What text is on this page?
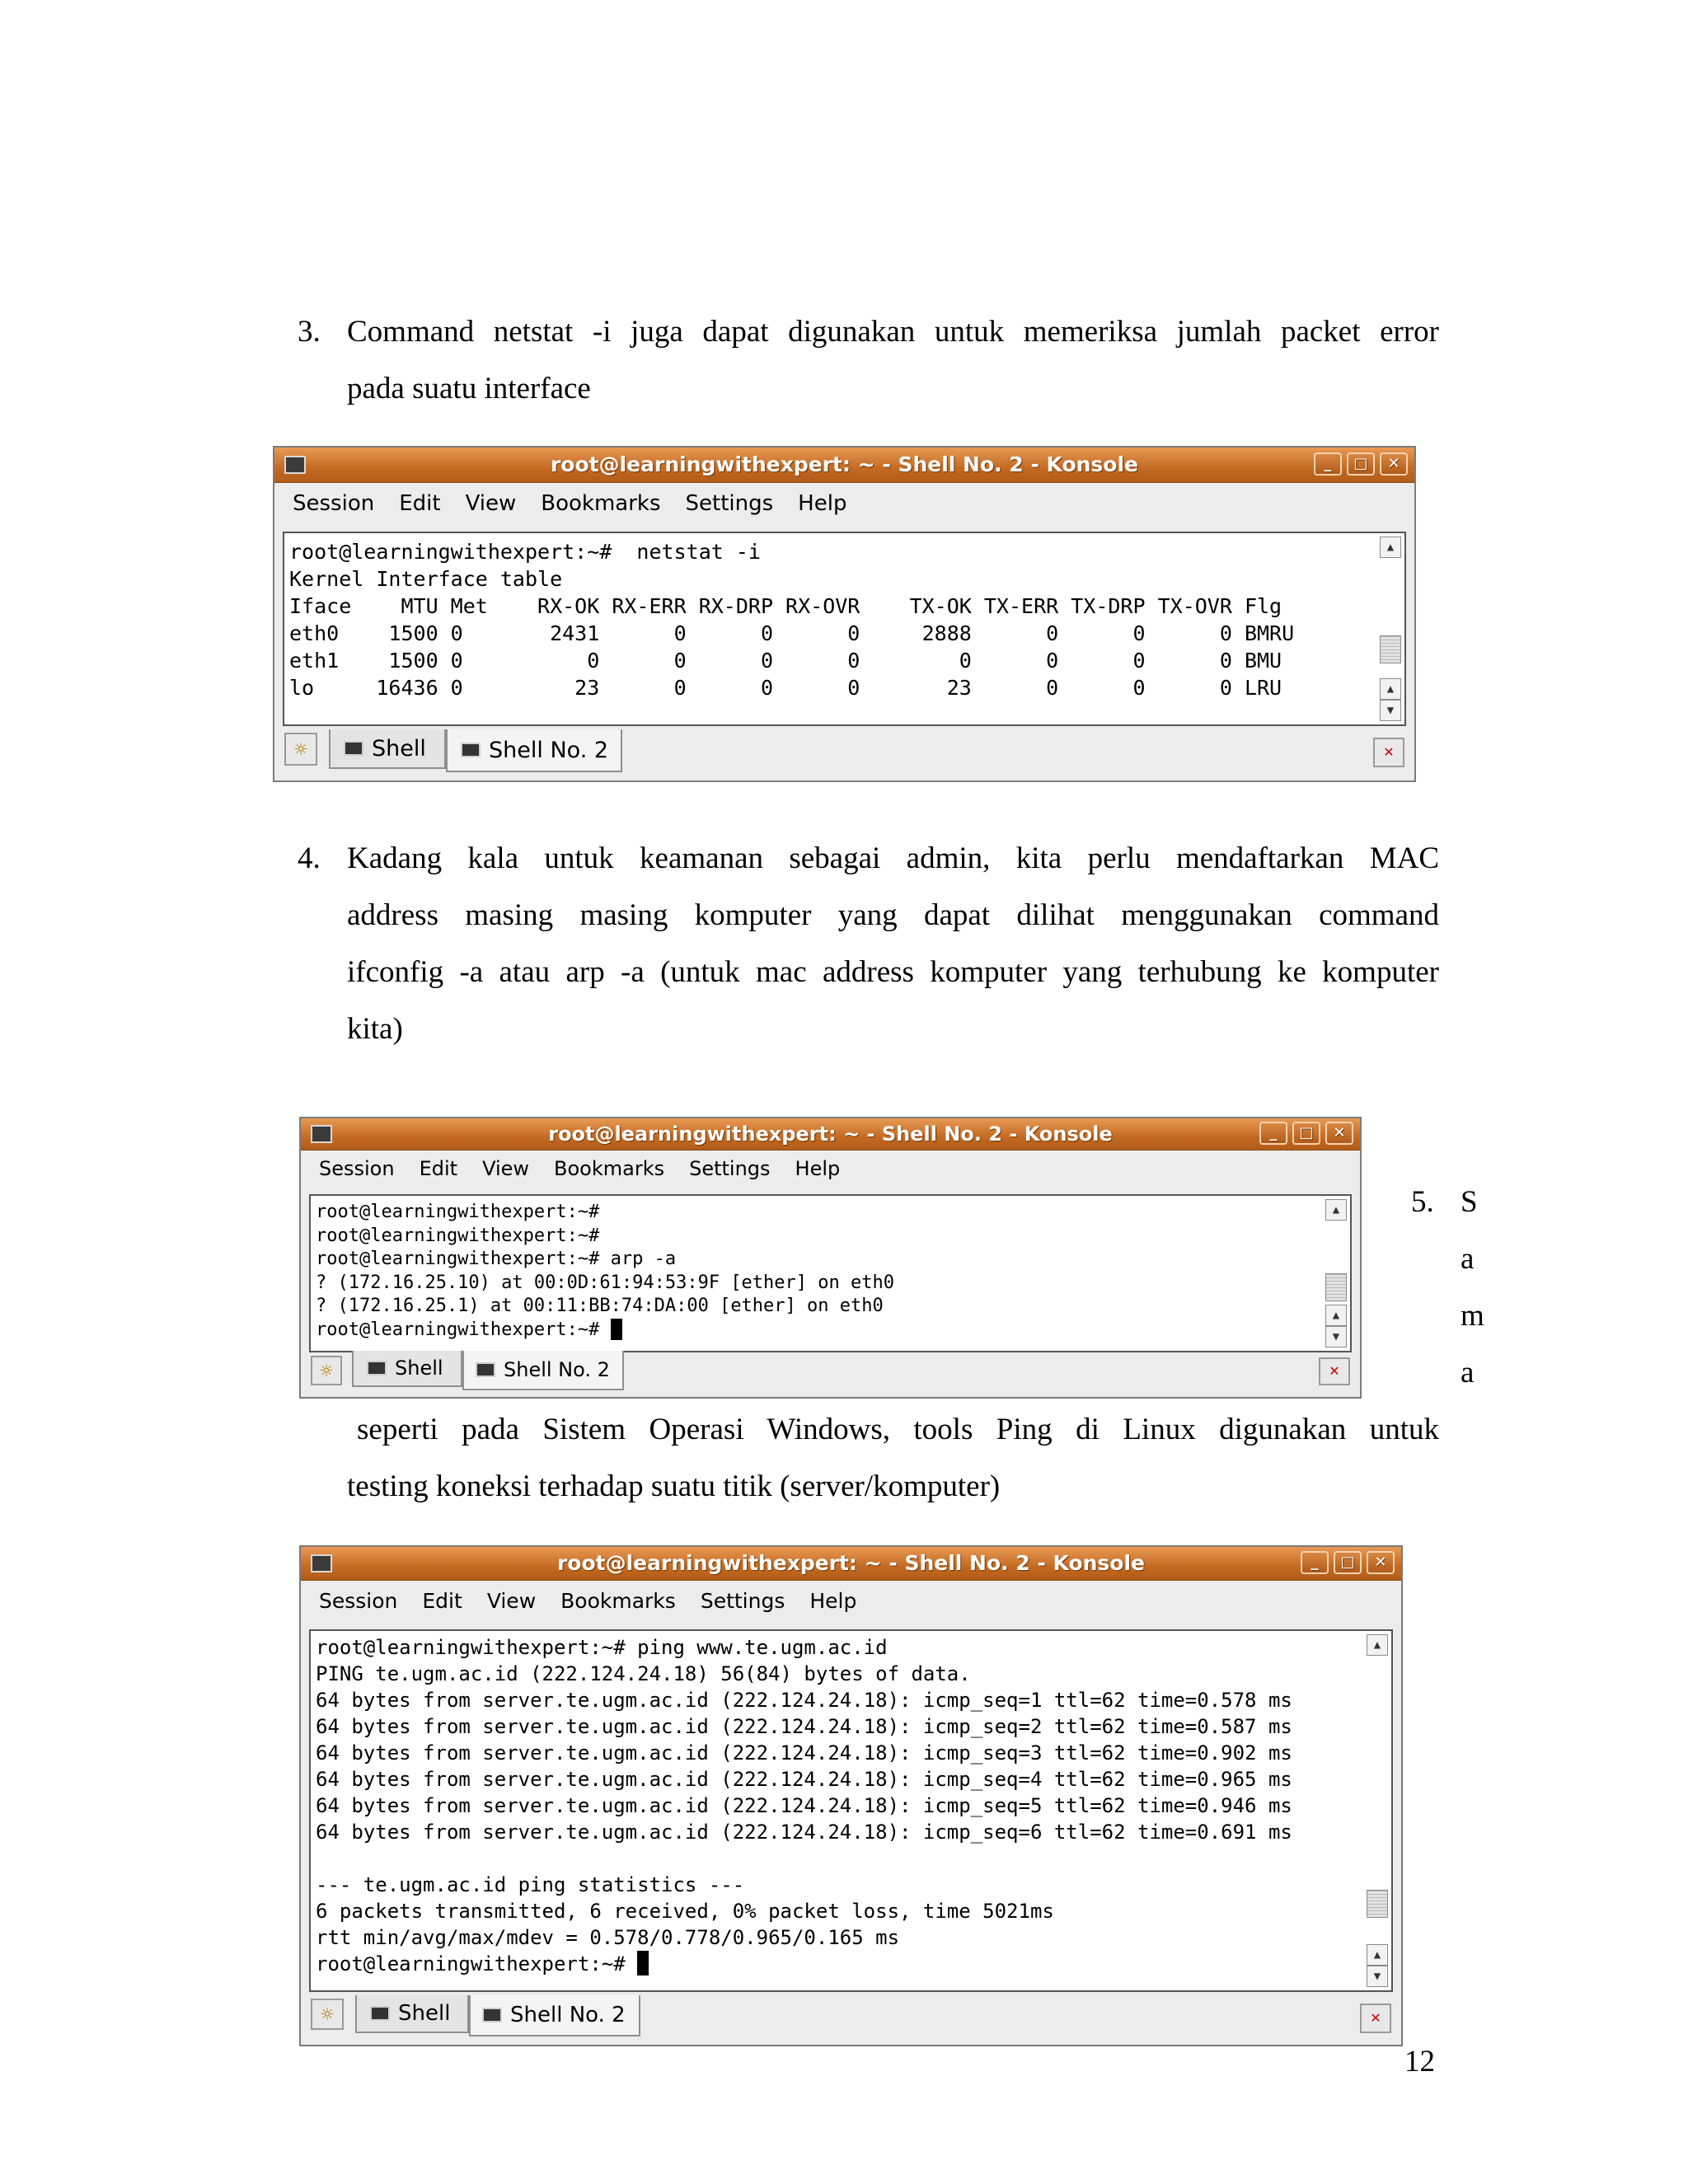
3. Command netstat -i juga dapat digunakan untuk memeriksa jumlah packet error
pada suatu interface
root@learningwithexpert: ~ - Shell No. 2 - Konsole	_	□	✕
Session Edit View Bookmarks Settings Help
root@learningwithexpert:~#  netstat -i
Kernel Interface table
Iface    MTU Met    RX-OK RX-ERR RX-DRP RX-OVR    TX-OK TX-ERR TX-DRP TX-OVR Flg
eth0    1500 0       2431      0      0      0     2888      0      0      0 BMRU
eth1    1500 0          0      0      0      0        0      0      0      0 BMU
lo     16436 0         23      0      0      0       23      0      0      0 LRU
▲
▲
▼
☼	Shell	Shell No. 2	✕
4. Kadang kala untuk keamanan sebagai admin, kita perlu mendaftarkan MAC
address masing masing komputer yang dapat dilihat menggunakan command
ifconfig -a atau arp -a (untuk mac address komputer yang terhubung ke komputer
kita)
root@learningwithexpert: ~ - Shell No. 2 - Konsole	_	□	✕
Session Edit View Bookmarks Settings Help
root@learningwithexpert:~#
root@learningwithexpert:~#
root@learningwithexpert:~# arp -a
? (172.16.25.10) at 00:0D:61:94:53:9F [ether] on eth0
? (172.16.25.1) at 00:11:BB:74:DA:00 [ether] on eth0
root@learningwithexpert:~#
▲
▲
▼
☼	Shell	Shell No. 2	✕
5. S
a
m
a
seperti pada Sistem Operasi Windows, tools Ping di Linux digunakan untuk
testing koneksi terhadap suatu titik (server/komputer)
root@learningwithexpert: ~ - Shell No. 2 - Konsole	_	□	✕
Session Edit View Bookmarks Settings Help
root@learningwithexpert:~# ping www.te.ugm.ac.id
PING te.ugm.ac.id (222.124.24.18) 56(84) bytes of data.
64 bytes from server.te.ugm.ac.id (222.124.24.18): icmp_seq=1 ttl=62 time=0.578 ms
64 bytes from server.te.ugm.ac.id (222.124.24.18): icmp_seq=2 ttl=62 time=0.587 ms
64 bytes from server.te.ugm.ac.id (222.124.24.18): icmp_seq=3 ttl=62 time=0.902 ms
64 bytes from server.te.ugm.ac.id (222.124.24.18): icmp_seq=4 ttl=62 time=0.965 ms
64 bytes from server.te.ugm.ac.id (222.124.24.18): icmp_seq=5 ttl=62 time=0.946 ms
64 bytes from server.te.ugm.ac.id (222.124.24.18): icmp_seq=6 ttl=62 time=0.691 ms

--- te.ugm.ac.id ping statistics ---
6 packets transmitted, 6 received, 0% packet loss, time 5021ms
rtt min/avg/max/mdev = 0.578/0.778/0.965/0.165 ms
root@learningwithexpert:~#
▲
▲
▼
☼	Shell	Shell No. 2	✕
12
